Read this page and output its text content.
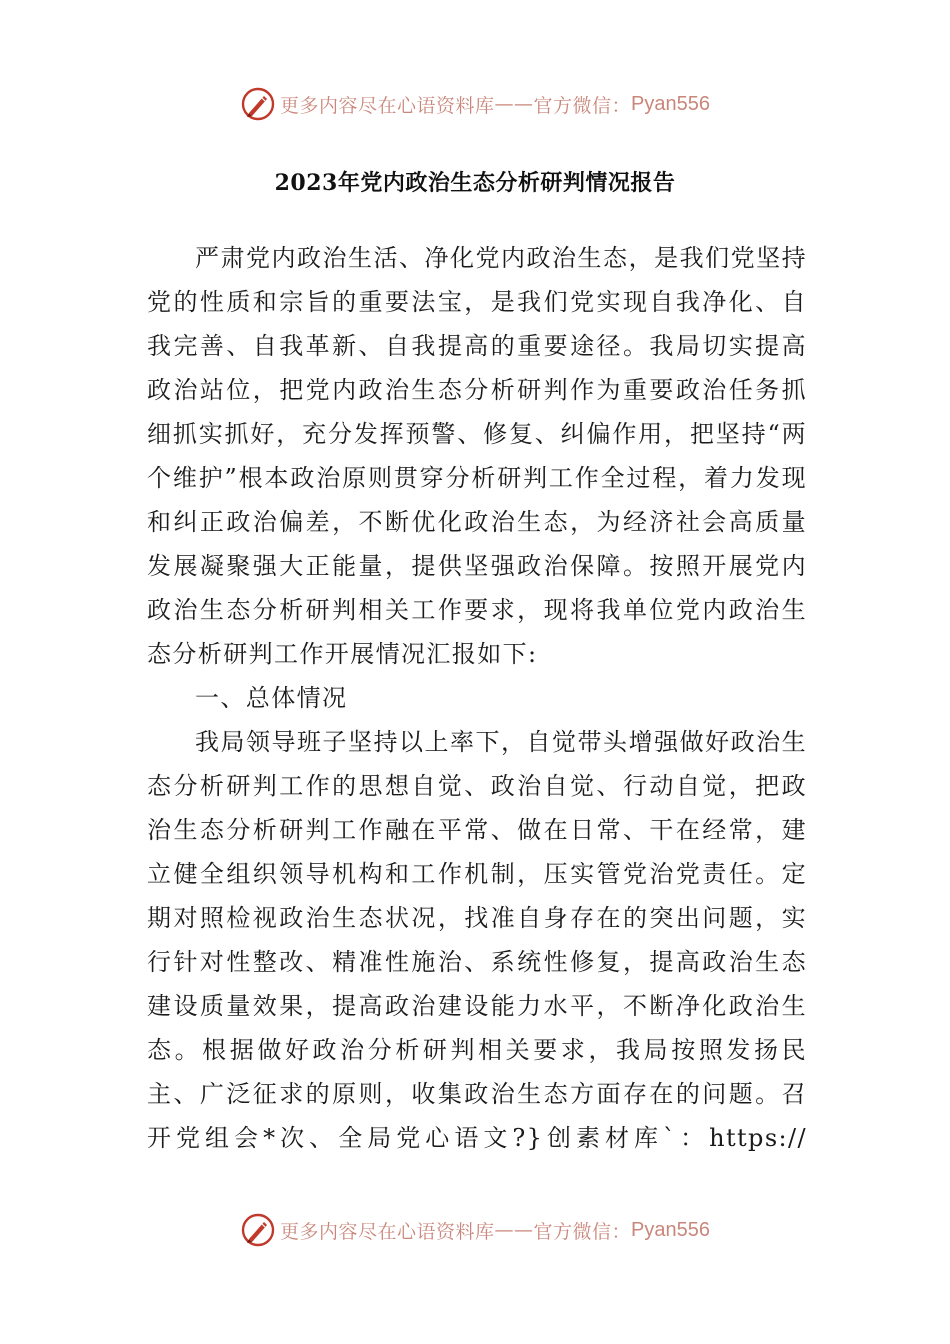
更多内容尽在心语资料库 —— 官方微信： Pyan556
2023年党内政治生态分析研判情况报告

严肃党内政治生活、净化党内政治生态，是我们党坚持党的性质和宗旨的重要法宝，是我们党实现自我净化、自我完善、自我革新、自我提高的重要途径。我局切实提高政治站位，把党内政治生态分析研判作为重要政治任务抓细抓实抓好，充分发挥预警、修复、纠偏作用，把坚持“两个维护”根本政治原则贯穿分析研判工作全过程，着力发现和纠正政治偏差，不断优化政治生态，为经济社会高质量发展凝聚强大正能量，提供坚强政治保障。按照开展党内政治生态分析研判相关工作要求，现将我单位党内政治生态分析研判工作开展情况汇报如下:

一、总体情况

我局领导班子坚持以上率下，自觉带头增强做好政治生态分析研判工作的思想自觉、政治自觉、行动自觉，把政治生态分析研判工作融在平常、做在日常、干在经常，建立健全组织领导机构和工作机制，压实管党治党责任。定期对照检视政治生态状况，找准自身存在的突出问题，实行针对性整改、精准性施治、系统性修复，提高政治生态建设质量效果，提高政治建设能力水平，不断净化政治生态。根据做好政治分析研判相关要求，我局按照发扬民主、广泛征求的原则，收集政治生态方面存在的问题。召开党组会*次、全局党心语文?}创素材库`：https://

更多内容尽在心语资料库 —— 官方微信： Pyan556
